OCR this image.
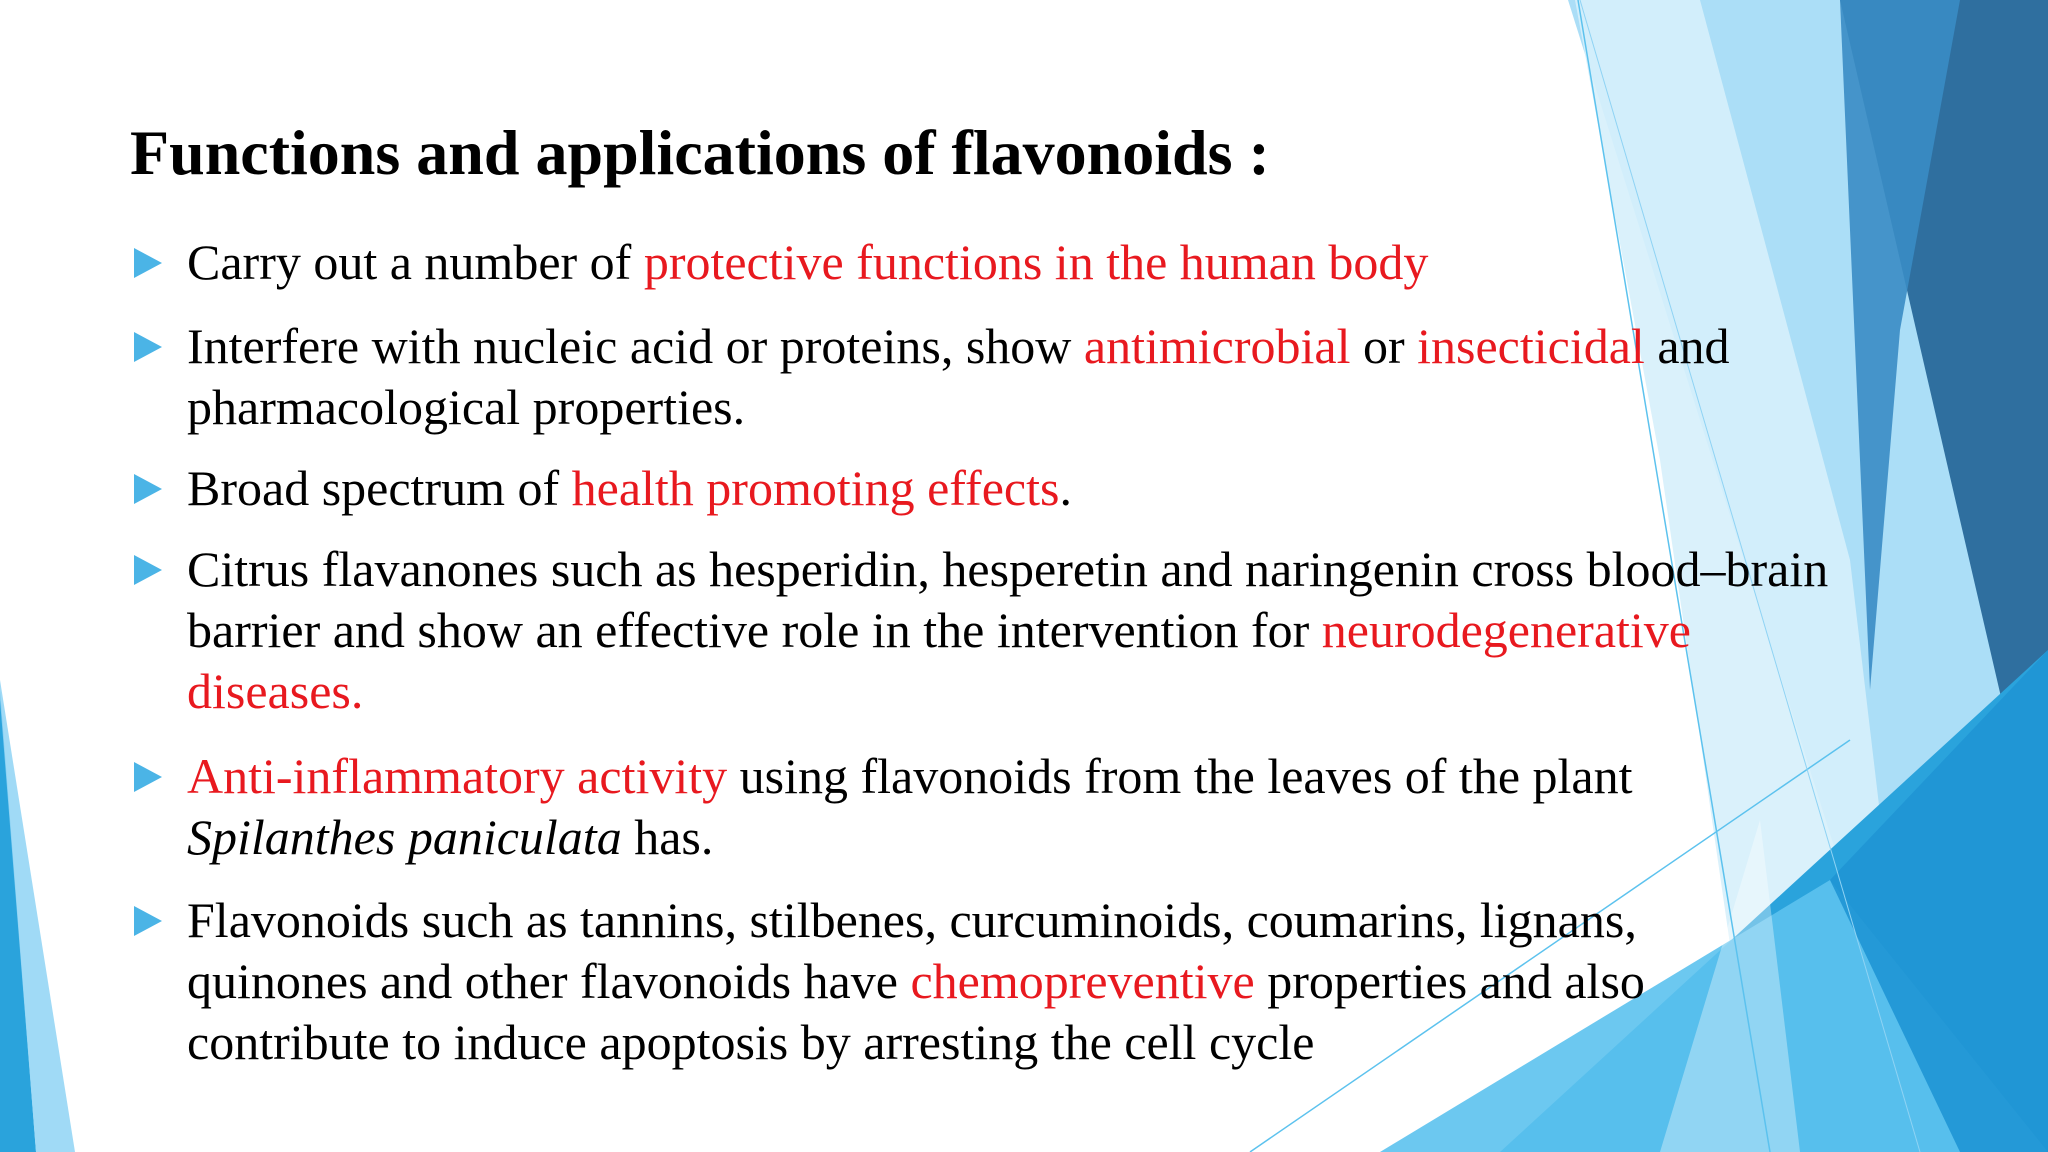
Functions and applications of flavonoids :
Carry out a number of protective functions in the human body
Interfere with nucleic acid or proteins, show antimicrobial or insecticidal and
pharmacological properties.
Broad spectrum of health promoting effects.
Citrus flavanones such as hesperidin, hesperetin and naringenin cross blood–brain
barrier and show an effective role in the intervention for neurodegenerative
diseases.
Anti-inflammatory activity using flavonoids from the leaves of the plant
Spilanthes paniculata has.
Flavonoids such as tannins, stilbenes, curcuminoids, coumarins, lignans,
quinones and other flavonoids have chemopreventive properties and also
contribute to induce apoptosis by arresting the cell cycle
